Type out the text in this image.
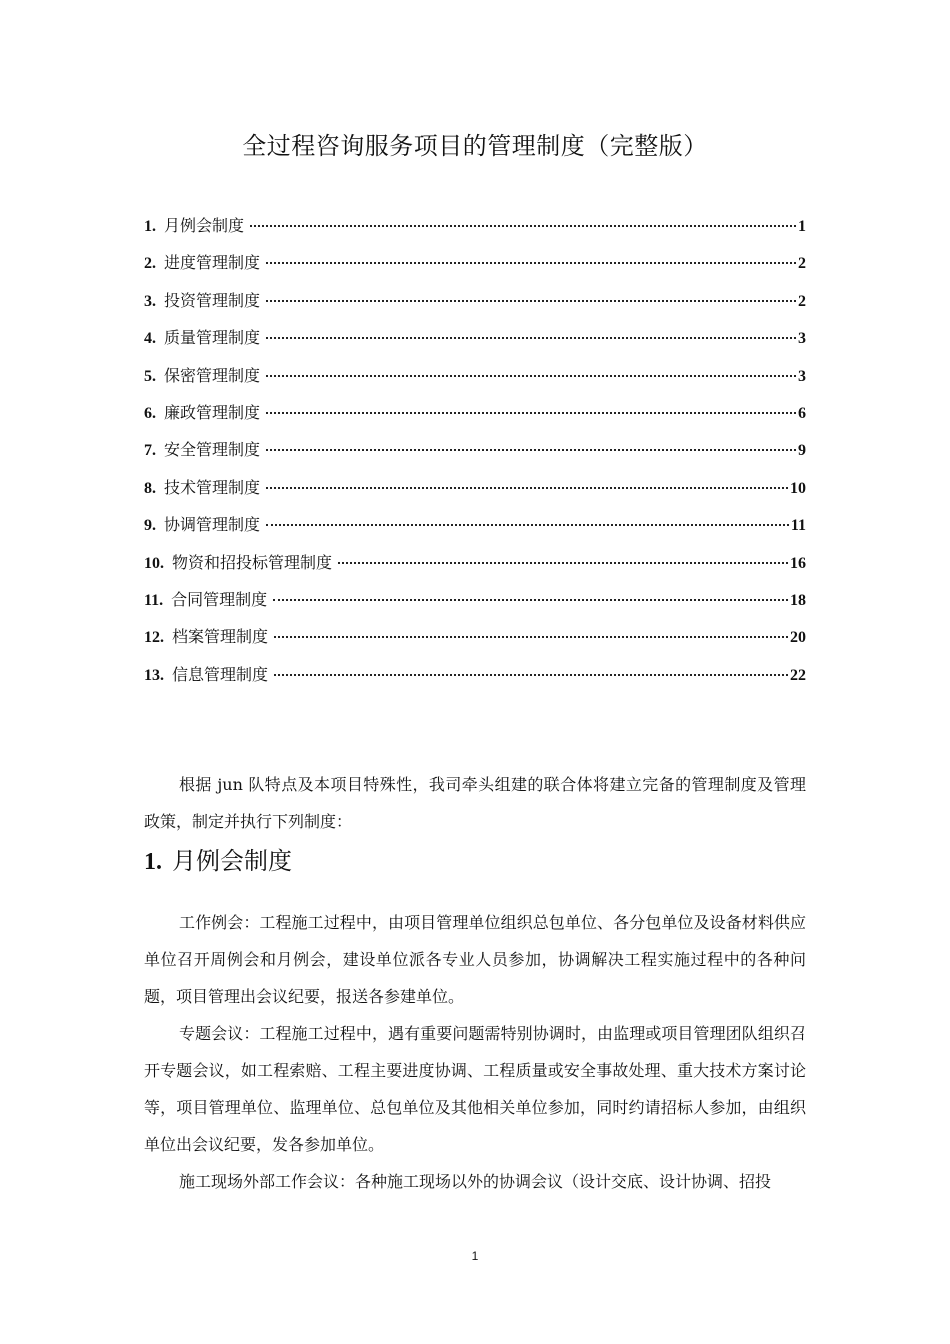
全过程咨询服务项目的管理制度（完整版）
1. 月例会制度	1
2. 进度管理制度	2
3. 投资管理制度	2
4. 质量管理制度	3
5. 保密管理制度	3
6. 廉政管理制度	6
7. 安全管理制度	9
8. 技术管理制度	10
9. 协调管理制度	11
10. 物资和招投标管理制度	16
11. 合同管理制度	18
12. 档案管理制度	20
13. 信息管理制度	22

根据 jun 队特点及本项目特殊性，我司牵头组建的联合体将建立完备的管理制度及管理政策，制定并执行下列制度：

1. 月例会制度

工作例会：工程施工过程中，由项目管理单位组织总包单位、各分包单位及设备材料供应单位召开周例会和月例会，建设单位派各专业人员参加，协调解决工程实施过程中的各种问题，项目管理出会议纪要，报送各参建单位。

专题会议：工程施工过程中，遇有重要问题需特别协调时，由监理或项目管理团队组织召开专题会议，如工程索赔、工程主要进度协调、工程质量或安全事故处理、重大技术方案讨论等，项目管理单位、监理单位、总包单位及其他相关单位参加，同时约请招标人参加，由组织单位出会议纪要，发各参加单位。

施工现场外部工作会议：各种施工现场以外的协调会议（设计交底、设计协调、招投

1
